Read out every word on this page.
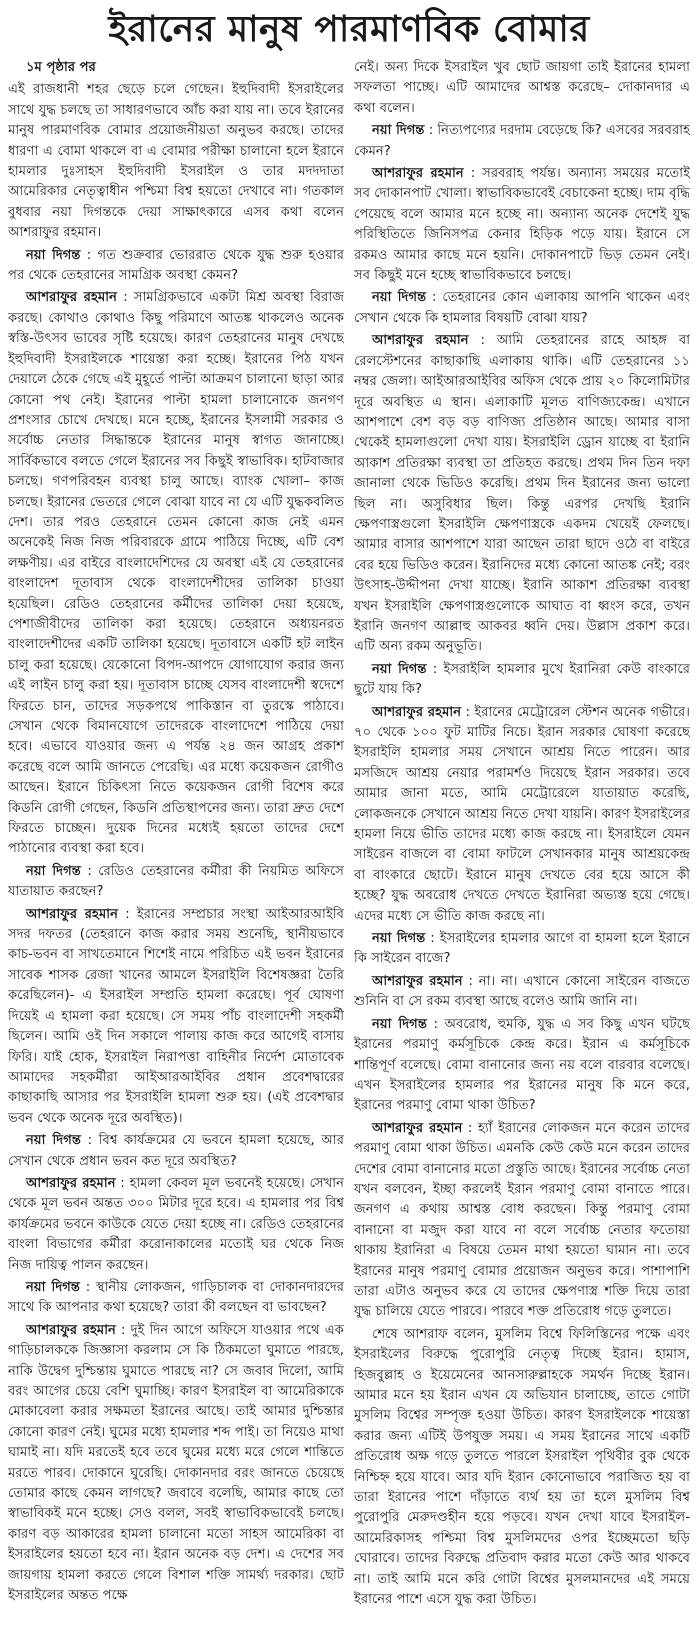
ইরানের মানুষ পারমাণবিক বোমার

১ম পৃষ্ঠার পর

এই রাজধানী শহর ছেড়ে চলে গেছেন। ইহুদিবাদী ইসরাইলের সাথে যুদ্ধ চলছে তা সাধারণভাবে আঁচ করা যায় না। তবে ইরানের মানুষ পারমাণবিক বোমার প্রয়োজনীয়তা অনুভব করছে। তাদের ধারণা এ বোমা থাকলে বা এ বোমার পরীক্ষা চালানো হলে ইরানে হামলার দুঃসাহস ইহুদিবাদী ইসরাইল ও তার মদদদাতা আমেরিকার নেতৃত্বাধীন পশ্চিমা বিশ্ব হয়তো দেখাবে না। গতকাল বুধবার নয়া দিগন্তকে দেয়া সাক্ষাৎকারে এসব কথা বলেন আশরাফুর রহমান।

নয়া দিগন্ত : গত শুক্রবার ভোররাত থেকে যুদ্ধ শুরু হওয়ার পর থেকে তেহরানের সামগ্রিক অবস্থা কেমন?

আশরাফুর রহমান : সামগ্রিকভাবে একটা মিশ্র অবস্থা বিরাজ করছে। কোথাও কোথাও কিছু পরিমাণে আতঙ্ক থাকলেও অনেক স্বস্তি-উৎসব ভাবের সৃষ্টি হয়েছে। কারণ তেহরানের মানুষ দেখছে ইহুদিবাদী ইসরাইলকে শায়েস্তা করা হচ্ছে। ইরানের পিঠ যখন দেয়ালে ঠেকে গেছে এই মুহূর্তে পাল্টা আক্রমণ চালানো ছাড়া আর কোনো পথ নেই। ইরানের পাল্টা হামলা চালানোকে জনগণ প্রশংসার চোখে দেখছে। মনে হচ্ছে, ইরানের ইসলামী সরকার ও সর্বোচ্চ নেতার সিদ্ধান্তকে ইরানের মানুষ স্বাগত জানাচ্ছে। সার্বিকভাবে বলতে গেলে ইরানের সব কিছুই স্বাভাবিক। হাটবাজার চলছে। গণপরিবহন ব্যবস্থা চালু আছে। ব্যাংক খোলা– কাজ চলছে। ইরানের ভেতরে গেলে বোঝা যাবে না যে এটি যুদ্ধকবলিত দেশ। তার পরও তেহরানে তেমন কোনো কাজ নেই এমন অনেকেই নিজ নিজ পরিবারকে গ্রামে পাঠিয়ে দিচ্ছে, এটি বেশ লক্ষণীয়। এর বাইরে বাংলাদেশিদের যে অবস্থা এই যে তেহরানের বাংলাদেশ দূতাবাস থেকে বাংলাদেশীদের তালিকা চাওয়া হয়েছিল। রেডিও তেহরানের কর্মীদের তালিকা দেয়া হয়েছে, পেশাজীবীদের তালিকা করা হয়েছে। তেহরানে অধ্যয়নরত বাংলাদেশীদের একটি তালিকা হয়েছে। দূতাবাসে একটি হট লাইন চালু করা হয়েছে। যেকোনো বিপদ-আপদে যোগাযোগ করার জন্য এই লাইন চালু করা হয়। দূতাবাস চাচ্ছে যেসব বাংলাদেশী স্বদেশে ফিরতে চান, তাদের সড়কপথে পাকিস্তান বা তুরস্কে পাঠাবে। সেখান থেকে বিমানযোগে তাদেরকে বাংলাদেশে পাঠিয়ে দেয়া হবে। এভাবে যাওয়ার জন্য এ পর্যন্ত ২৪ জন আগ্রহ প্রকাশ করেছে বলে আমি জানতে পেরেছি। এর মধ্যে কয়েকজন রোগীও আছেন। ইরানে চিকিৎসা নিতে কয়েকজন রোগী বিশেষ করে কিডনি রোগী গেছেন, কিডনি প্রতিস্থাপনের জন্য। তারা দ্রুত দেশে ফিরতে চাচ্ছেন। দুয়েক দিনের মধ্যেই হয়তো তাদের দেশে পাঠানোর ব্যবস্থা করা হবে।

নয়া দিগন্ত : রেডিও তেহরানের কর্মীরা কী নিয়মিত অফিসে যাতায়াত করছেন?

আশরাফুর রহমান : ইরানের সম্প্রচার সংস্থা আইআরআইবি সদর দফতর (তেহরানে কাজ করার সময় শুনেছি, স্থানীয়ভাবে কাচ-ভবন বা সাখতেমানে শিশেই নামে পরিচিত এই ভবন ইরানের সাবেক শাসক রেজা খানের আমলে ইসরাইলি বিশেষজ্ঞরা তৈরি করেছিলেন)- এ ইসরাইল সম্প্রতি হামলা করেছে। পূর্ব ঘোষণা দিয়েই এ হামলা করা হয়েছে। সে সময় পাঁচ বাংলাদেশী সহকর্মী ছিলেন। আমি ওই দিন সকালে পালায় কাজ করে আগেই বাসায় ফিরি। যাই হোক, ইসরাইল নিরাপত্তা বাহিনীর নির্দেশ মোতাবেক আমাদের সহকর্মীরা আইআরআইবির প্রধান প্রবেশদ্বারের কাছাকাছি আসার পর ইসরাইলি হামলা শুরু হয়। (এই প্রবেশদ্বার ভবন থেকে অনেক দূরে অবস্থিত)।

নয়া দিগন্ত : বিশ্ব কার্যক্রমের যে ভবনে হামলা হয়েছে, আর সেখান থেকে প্রধান ভবন কত দূরে অবস্থিত?

আশরাফুর রহমান : হামলা কেবল মূল ভবনেই হয়েছে। সেখান থেকে মূল ভবন অন্তত ৩০০ মিটার দূরে হবে। এ হামলার পর বিশ্ব কার্যক্রমের ভবনে কাউকে যেতে দেয়া হচ্ছে না। রেডিও তেহরানের বাংলা বিভাগের কর্মীরা করোনাকালের মতোই ঘর থেকে নিজ নিজ দায়িত্ব পালন করছেন।

নয়া দিগন্ত : স্থানীয় লোকজন, গাড়িচালক বা দোকানদারদের সাথে কি আপনার কথা হয়েছে? তারা কী বলছেন বা ভাবছেন?

আশরাফুর রহমান : দুই দিন আগে অফিসে যাওয়ার পথে এক গাড়িচালককে জিজ্ঞাসা করলাম সে কি ঠিকমতো ঘুমাতে পারছে, নাকি উদ্বেগ দুশ্চিন্তায় ঘুমাতে পারছে না? সে জবাব দিলো, আমি বরং আগের চেয়ে বেশি ঘুমাচ্ছি। কারণ ইসরাইল বা আমেরিকাকে মোকাবেলা করার সক্ষমতা ইরানের আছে। তাই আমার দুশ্চিন্তার কোনো কারণ নেই। ঘুমের মধ্যে হামলার শব্দ পাই। তা নিয়েও মাথা ঘামাই না। যদি মরতেই হবে তবে ঘুমের মধ্যে মরে গেলে শান্তিতে মরতে পারব। দোকানে ঘুরেছি। দোকানদার বরং জানতে চেয়েছে তোমার কাছে কেমন লাগছে? জবাবে বলেছি, আমার কাছে তো স্বাভাবিকই মনে হচ্ছে। সেও বলল, সবই স্বাভাবিকভাবেই চলছে। কারণ বড় আকারের হামলা চালানো মতো সাহস আমেরিকা বা ইসরাইলের হয়তো হবে না। ইরান অনেক বড় দেশ। এ দেশের সব জায়গায় হামলা করতে গেলে বিশাল শক্তি সামর্থ্য দরকার। ছোট ইসরাইলের অন্তত পক্ষে

নেই। অন্য দিকে ইসরাইল খুব ছোট জায়গা তাই ইরানের হামলা সফলতা পাচ্ছে। এটি আমাদের আশ্বস্ত করেছে– দোকানদার এ কথা বলেন।

নয়া দিগন্ত : নিত্যপণ্যের দরদাম বেড়েছে কি? এসবের সরবরাহ কেমন?

আশরাফুর রহমান : সরবরাহ পর্যন্ত। অন্যান্য সময়ের মতোই সব দোকানপাট খোলা। স্বাভাবিকভাবেই বেচাকেনা হচ্ছে। দাম বৃদ্ধি পেয়েছে বলে আমার মনে হচ্ছে না। অন্যান্য অনেক দেশেই যুদ্ধ পরিস্থিতিতে জিনিসপত্র কেনার হিড়িক পড়ে যায়। ইরানে সে রকমও আমার কাছে মনে হয়নি। দোকানপাটে ভিড় তেমন নেই। সব কিছুই মনে হচ্ছে স্বাভাবিকভাবে চলছে।

নয়া দিগন্ত : তেহরানের কোন এলাকায় আপনি থাকেন এবং সেখান থেকে কি হামলার বিষয়টি বোঝা যায়?

আশরাফুর রহমান : আমি তেহরানের রাহে আহঙ্গ বা রেলস্টেশনের কাছাকাছি এলাকায় থাকি। এটি তেহরানের ১১ নম্বর জেলা। আইআরআইবির অফিস থেকে প্রায় ২০ কিলোমিটার দূরে অবস্থিত এ স্থান। এলাকাটি মূলত বাণিজ্যকেন্দ্র। এখানে আশপাশে বেশ বড় বড় বাণিজ্য প্রতিষ্ঠান আছে। আমার বাসা থেকেই হামলাগুলো দেখা যায়। ইসরাইলি ড্রোন যাচ্ছে বা ইরানি আকাশ প্রতিরক্ষা ব্যবস্থা তা প্রতিহত করছে। প্রথম দিন তিন দফা জানালা থেকে ভিডিও করেছি। প্রথম দিন ইরানের জন্য ভালো ছিল না। অসুবিধার ছিল। কিন্তু এরপর দেখছি ইরানি ক্ষেপণাস্ত্রগুলো ইসরাইলি ক্ষেপণাস্ত্রকে একদম খেয়েই ফেলছে। আমার বাসার আশপাশে যারা আছেন তারা ছাদে ওঠে বা বাইরে বের হয়ে ভিডিও করেন। ইরানিদের মধ্যে কোনো আতঙ্ক নেই; বরং উৎসাহ-উদ্দীপনা দেখা যাচ্ছে। ইরানি আকাশ প্রতিরক্ষা ব্যবস্থা যখন ইসরাইলি ক্ষেপণাস্ত্রগুলোকে আঘাত বা ধ্বংস করে, তখন ইরানি জনগণ আল্লাহু আকবর ধ্বনি দেয়। উল্লাস প্রকাশ করে। এটি অন্য রকম অনুভূতি।

নয়া দিগন্ত : ইসরাইলি হামলার মুখে ইরানিরা কেউ বাংকারে ছুটে যায় কি?

আশরাফুর রহমান : ইরানের মেট্রোরেল স্টেশন অনেক গভীরে। ৭০ থেকে ১০০ ফুট মাটির নিচে। ইরান সরকার ঘোষণা করেছে ইসরাইলি হামলার সময় সেখানে আশ্রয় নিতে পারেন। আর মসজিদে আশ্রয় নেয়ার পরামর্শও দিয়েছে ইরান সরকার। তবে আমার জানা মতে, আমি মেট্রোরেলে যাতায়াত করেছি, লোকজনকে সেখানে আশ্রয় নিতে দেখা যায়নি। কারণ ইসরাইলের হামলা নিয়ে ভীতি তাদের মধ্যে কাজ করছে না। ইসরাইলে যেমন সাইরেন বাজলে বা বোমা ফাটলে সেখানকার মানুষ আশ্রয়কেন্দ্র বা বাংকারে ছোটে। ইরানে মানুষ দেখতে বের হয়ে আসে কী হচ্ছে? যুদ্ধ অবরোধ দেখতে দেখতে ইরানিরা অভ্যস্ত হয়ে গেছে। এদের মধ্যে সে ভীতি কাজ করছে না।

নয়া দিগন্ত : ইসরাইলের হামলার আগে বা হামলা হলে ইরানে কি সাইরেন বাজে?

আশরাফুর রহমান : না। না। এখানে কোনো সাইরেন বাজতে শুনিনি বা সে রকম ব্যবস্থা আছে বলেও আমি জানি না।

নয়া দিগন্ত : অবরোধ, হুমকি, যুদ্ধ এ সব কিছু এখন ঘটছে ইরানের পরমাণু কর্মসূচিকে কেন্দ্র করে। ইরান এ কর্মসূচিকে শান্তিপূর্ণ বলেছে। বোমা বানানোর জন্য নয় বলে বারবার বলেছে। এখন ইসরাইলের হামলার পর ইরানের মানুষ কি মনে করে, ইরানের পরমাণু বোমা থাকা উচিত?

আশরাফুর রহমান : হ্যাঁ ইরানের লোকজন মনে করেন তাদের পরমাণু বোমা থাকা উচিত। এমনকি কেউ কেউ মনে করেন তাদের দেশের বোমা বানানোর মতো প্রস্তুতি আছে। ইরানের সর্বোচ্চ নেতা যখন বলবেন, ইচ্ছা করলেই ইরান পরমাণু বোমা বানাতে পারে। জনগণ এ কথায় আশ্বস্ত বোধ করছেন। কিন্তু পরমাণু বোমা বানানো বা মজুদ করা যাবে না বলে সর্বোচ্চ নেতার ফতোয়া থাকায় ইরানিরা এ বিষয়ে তেমন মাথা হয়তো ঘামান না। তবে ইরানের মানুষ পরমাণু বোমার প্রয়োজন অনুভব করে। পাশাপাশি তারা এটাও অনুভব করে যে তাদের ক্ষেপণাস্ত্র শক্তি দিয়ে তারা যুদ্ধ চালিয়ে যেতে পারবে। পারবে শক্ত প্রতিরোধ গড়ে তুলতে।

শেষে আশরাফ বলেন, মুসলিম বিশ্বে ফিলিস্তিনের পক্ষে এবং ইসরাইলের বিরুদ্ধে পুরোপুরি নেতৃত্ব দিচ্ছে ইরান। হামাস, হিজবুল্লাহ ও ইয়েমেনের আনসারুল্লাহকে সমর্থন দিচ্ছে ইরান। আমার মনে হয় ইরান এখন যে অভিযান চালাচ্ছে, তাতে গোটা মুসলিম বিশ্বের সম্পৃক্ত হওয়া উচিত। কারণ ইসরাইলকে শায়েস্তা করার জন্য এটিই উপযুক্ত সময়। এ সময় ইরানের সাথে একটি প্রতিরোধ অক্ষ গড়ে তুলতে পারলে ইসরাইল পৃথিবীর বুক থেকে নিশ্চিহ্ন হয়ে যাবে। আর যদি ইরান কোনোভাবে পরাজিত হয় বা তারা ইরানের পাশে দাঁড়াতে ব্যর্থ হয় তা হলে মুসলিম বিশ্ব পুরোপুরি মেরুদণ্ডহীন হয়ে পড়বে। যখন দেখা যাবে ইসরাইল-আমেরিকাসহ পশ্চিমা বিশ্ব মুসলিমদের ওপর ইচ্ছেমতো ছড়ি ঘোরাবে। তাদের বিরুদ্ধে প্রতিবাদ করার মতো কেউ আর থাকবে না। তাই আমি মনে করি গোটা বিশ্বের মুসলমানদের এই সময়ে ইরানের পাশে এসে যুদ্ধ করা উচিত।
